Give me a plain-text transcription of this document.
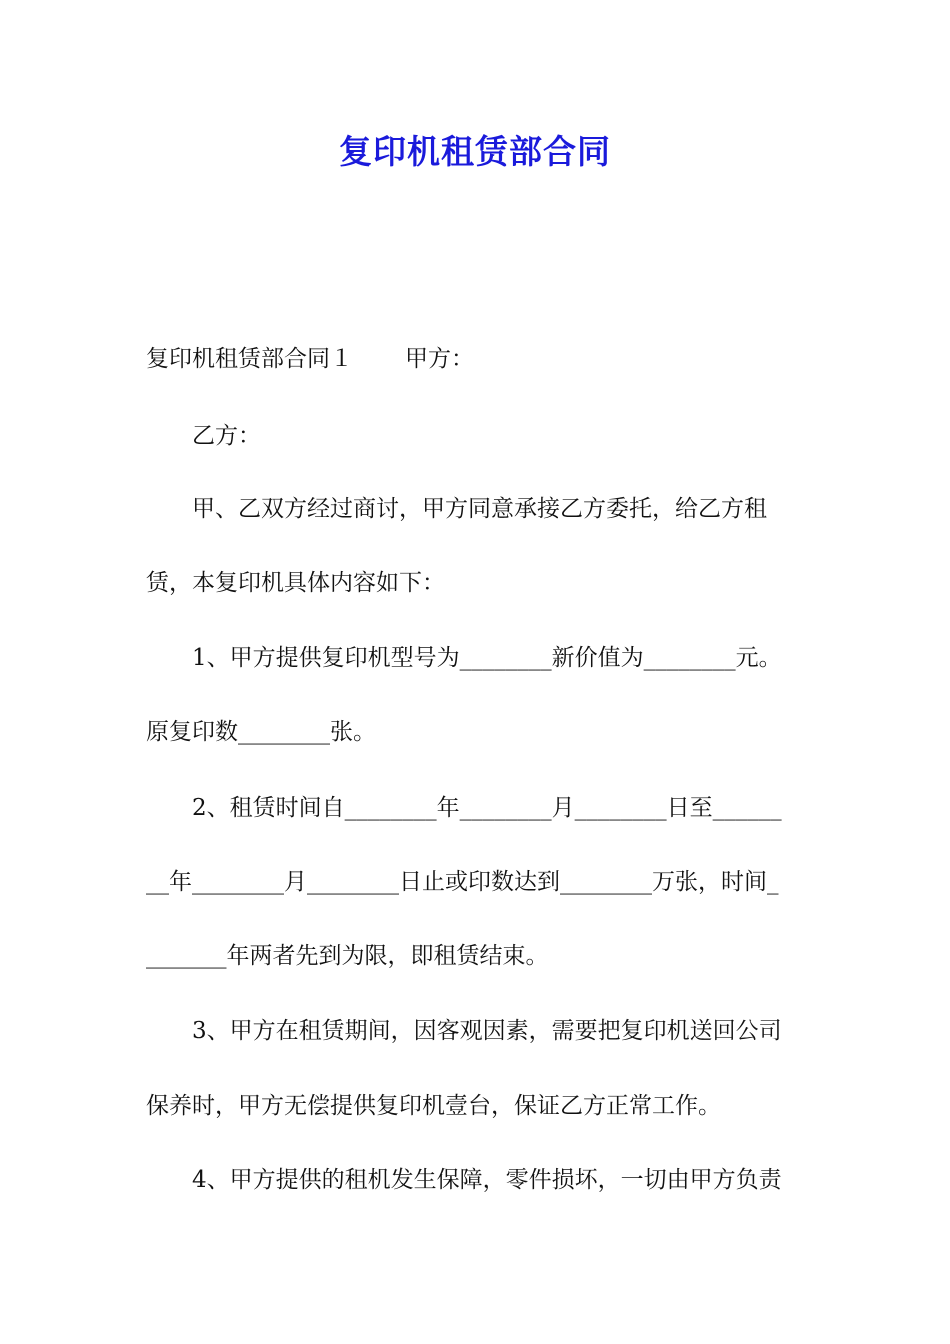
复印机租赁部合同
复印机租赁部合同１ 甲方：
乙方：
甲、乙双方经过商讨，甲方同意承接乙方委托，给乙方租
赁，本复印机具体内容如下：
1、甲方提供复印机型号为________新价值为________元。
原复印数________张。
2、租赁时间自________年________月________日至______
__年________月________日止或印数达到________万张，时间_
_______年两者先到为限，即租赁结束。
3、甲方在租赁期间，因客观因素，需要把复印机送回公司
保养时，甲方无偿提供复印机壹台，保证乙方正常工作。
4、甲方提供的租机发生保障，零件损坏，一切由甲方负责
